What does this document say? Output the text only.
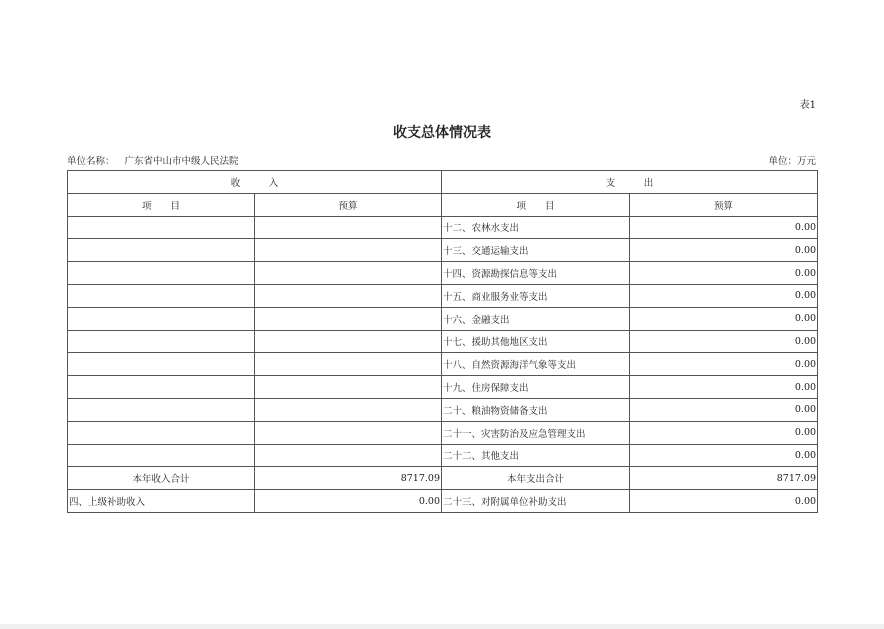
表1
收支总体情况表
单位名称： 广东省中山市中级人民法院	单位：万元
收　　　入		支　　　出	
项　　目	预算	项　　目	预算
		十二、农林水支出	0.00
		十三、交通运输支出	0.00
		十四、资源勘探信息等支出	0.00
		十五、商业服务业等支出	0.00
		十六、金融支出	0.00
		十七、援助其他地区支出	0.00
		十八、自然资源海洋气象等支出	0.00
		十九、住房保障支出	0.00
		二十、粮油物资储备支出	0.00
		二十一、灾害防治及应急管理支出	0.00
		二十二、其他支出	0.00
本年收入合计	8717.09	本年支出合计	8717.09
四、上级补助收入	0.00	二十三、对附属单位补助支出	0.00
